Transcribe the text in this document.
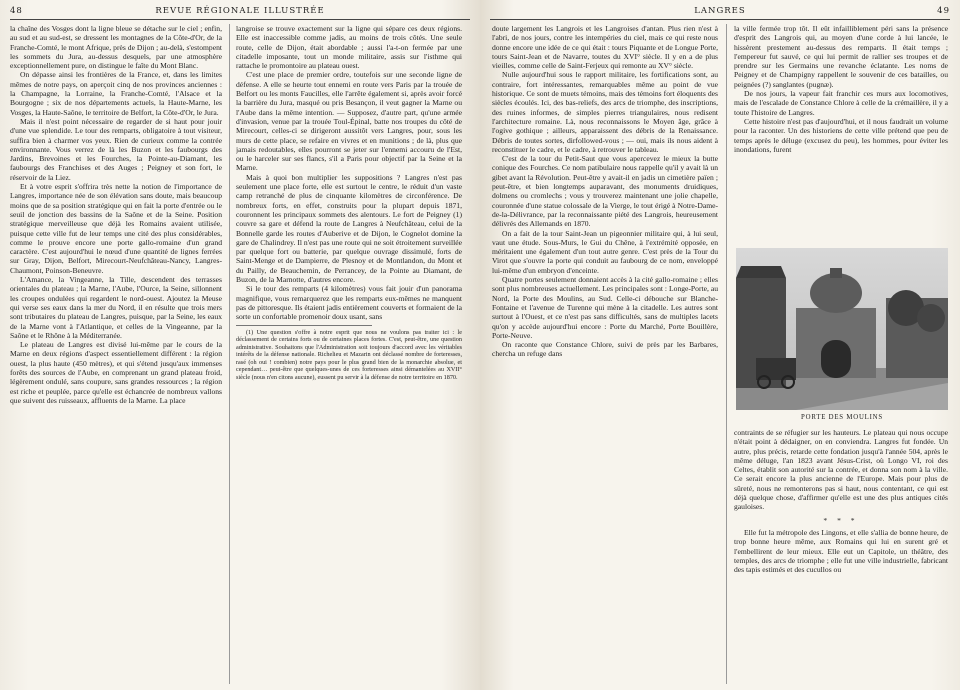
48	REVUE RÉGIONALE ILLUSTRÉE

la chaîne des Vosges dont la ligne bleue se détache sur le ciel ; enfin, au sud et au sud-est, se dressent les montagnes de la Côte-d'Or, de la Franche-Comté, le mont Afrique, près de Dijon ; au-delà, s'estompent les sommets du Jura, au-dessus desquels, par une atmosphère exceptionnellement pure, on distingue le faîte du Mont Blanc.

On dépasse ainsi les frontières de la France, et, dans les limites mêmes de notre pays, on aperçoit cinq de nos provinces anciennes : la Champagne, la Lorraine, la Franche-Comté, l'Alsace et la Bourgogne ; six de nos départements actuels, la Haute-Marne, les Vosges, la Haute-Saône, le territoire de Belfort, la Côte-d'Or, le Jura.

Mais il n'est point nécessaire de regarder de si haut pour jouir d'une vue splendide. Le tour des remparts, obligatoire à tout visiteur, suffira bien à charmer vos yeux. Rien de curieux comme la contrée environnante. Vous verrez de là les Buzon et les faubourgs des Jardins, Brevoines et les Fourches, la Pointe-au-Diamant, les faubourgs des Franchises et des Auges ; Peigney et son fort, le réservoir de la Liez.

Et à votre esprit s'offrira très nette la notion de l'importance de Langres, importance née de son élévation sans doute, mais beaucoup moins que de sa position stratégique qui en fait la porte d'entrée ou le seuil de jonction des bassins de la Saône et de la Seine. Position stratégique merveilleuse que déjà les Romains avaient utilisée, puisque cette ville fut de leur temps une cité des plus considérables, comme le prouve encore une porte gallo-romaine d'un grand caractère. C'est aujourd'hui le nœud d'une quantité de lignes ferrées sur Gray, Dijon, Belfort, Mirecourt-Neufchâteau-Nancy, Langres-Chaumont, Poinson-Beneuvre.

L'Amance, la Vingeanne, la Tille, descendent des terrasses orientales du plateau ; la Marne, l'Aube, l'Ource, la Seine, sillonnent les croupes ondulées qui regardent le nord-ouest. Ajoutez la Meuse qui verse ses eaux dans la mer du Nord, il en résulte que trois mers sont tributaires du plateau de Langres, puisque, par la Seine, les eaux de la Marne vont à l'Atlantique, et celles de la Vingeanne, par la Saône et le Rhône à la Méditerranée.

Le plateau de Langres est divisé lui-même par le cours de la Marne en deux régions d'aspect essentiellement différent : la région ouest, la plus haute (450 mètres), et qui s'étend jusqu'aux immenses forêts des sources de l'Aube, en comprenant un grand plateau froid, légèrement ondulé, sans coupure, sans grandes ressources ; la région est riche et peuplée, parce qu'elle est échancrée de nombreux vallons que suivent des ruisseaux, affluents de la Marne. La place

langroise se trouve exactement sur la ligne qui sépare ces deux régions. Elle est inaccessible comme jadis, au moins de trois côtés. Une seule route, celle de Dijon, était abordable ; aussi l'a-t-on fermée par une citadelle imposante, tout un monde militaire, assis sur l'isthme qui rattache le promontoire au plateau ouest.

C'est une place de premier ordre, toutefois sur une seconde ligne de défense. A elle se heurte tout ennemi en route vers Paris par la trouée de Belfort ou les monts Faucilles, elle l'arrête également si, après avoir forcé la barrière du Jura, masqué ou pris Besançon, il veut gagner la Marne ou l'Aube dans la même intention. — Supposez, d'autre part, qu'une armée d'invasion, venue par la trouée Toul-Épinal, batte nos troupes du côté de Mirecourt, celles-ci se dirigeront aussitôt vers Langres, pour, sous les murs de cette place, se refaire en vivres et en munitions ; de là, plus que jamais redoutables, elles pourront se jeter sur l'ennemi accouru de l'Est, ou le harceler sur ses flancs, s'il a Paris pour objectif par la Seine et la Marne.

Mais à quoi bon multiplier les suppositions ? Langres n'est pas seulement une place forte, elle est surtout le centre, le réduit d'un vaste camp retranché de plus de cinquante kilomètres de circonférence. De nombreux forts, en effet, construits pour la plupart depuis 1871, couronnent les principaux sommets des alentours. Le fort de Peigney (1) couvre sa gare et défend la route de Langres à Neufchâteau, celui de la Bonnelle garde les routes d'Auberive et de Dijon, le Cognelot domine la gare de Chalindrey. Il n'est pas une route qui ne soit étroitement surveillée par quelque fort ou batterie, par quelque ouvrage dissimulé, forts de Saint-Menge et de Dampierre, de Plesnoy et de Montlandon, du Mont et du Pailly, de Beauchemin, de Perrancey, de la Pointe au Diamant, de Buzon, de la Marnotte, d'autres encore.

Si le tour des remparts (4 kilomètres) vous fait jouir d'un panorama magnifique, vous remarquerez que les remparts eux-mêmes ne manquent pas de pittoresque. Ils étaient jadis entièrement couverts et formaient de la sorte un confortable promenoir doux usant, sans

(1) Une question s'offre à notre esprit que nous ne voulons pas traiter ici : le déclassement de certains forts ou de certaines places fortes. C'est, peut-être, une question administrative. Souhaitons que l'Administration soit toujours d'accord avec les véritables intérêts de la défense nationale. Richelieu et Mazarin ont déclassé nombre de forteresses, rasé (oh oui ! combien) notre pays pour le plus grand bien de la monarchie absolue, et cependant… peut-être que quelques-unes de ces forteresses ainsi démantelées au XVII° siècle (nous n'en citons aucune), eussent pu servir à la défense de notre territoire en 1870.

LANGRES	49

doute largement les Langrois et les Langroises d'antan. Plus rien n'est à l'abri, de nos jours, contre les intempéries du ciel, mais ce qui reste nous donne encore une idée de ce qui était : tours Piquante et de Longue Porte, tours Saint-Jean et de Navarre, toutes du XVI° siècle. Il y en a de plus vieilles, comme celle de Saint-Ferjeux qui remonte au XV° siècle.

Nulle aujourd'hui sous le rapport militaire, les fortifications sont, au contraire, fort intéressantes, remarquables même au point de vue historique. Ce sont de muets témoins, mais des témoins fort éloquents des siècles écoulés. Ici, des bas-reliefs, des arcs de triomphe, des inscriptions, des ruines informes, de simples pierres triangulaires, nous redisent l'architecture romaine. Là, nous reconnaissons le Moyen âge, grâce à l'ogive gothique ; ailleurs, apparaissent des débris de la Renaissance. Débris de toutes sortes, dirfollowed-vous ; — oui, mais ils nous aident à reconstituer le cadre, et le cadre, à retrouver le tableau.

C'est de la tour du Petit-Saut que vous apercevez le mieux la butte conique des Fourches. Ce nom patibulaire nous rappelle qu'il y avait là un gibet avant la Révolution. Peut-être y avait-il en jadis un cimetière païen ; peut-être, et bien longtemps auparavant, des monuments druidiques, dolmens ou cromlechs ; vous y trouverez maintenant une jolie chapelle, couronnée d'une statue colossale de la Vierge, le tout érigé à Notre-Dame-de-la-Délivrance, par la reconnaissante piété des Langrois, heureusement délivrés des Allemands en 1870.

On a fait de la tour Saint-Jean un pigeonnier militaire qui, à lui seul, vaut une étude. Sous-Murs, le Gui du Chêne, à l'extrémité opposée, en méritaient une également d'un tout autre genre. C'est près de la Tour du Virot que s'ouvre la porte qui conduit au faubourg de ce nom, enveloppé lui-même d'un embryon d'enceinte.

Quatre portes seulement donnaient accès à la cité gallo-romaine ; elles sont plus nombreuses actuellement. Les principales sont : Longe-Porte, au Nord, la Porte des Moulins, au Sud. Celle-ci débouche sur Blanche-Fontaine et l'avenue de Turenne qui mène à la citadelle. Les autres sont surtout à l'Ouest, et ce n'est pas sans difficultés, sans de multiples lacets qu'on y accède aujourd'hui encore : Porte du Marché, Porte Bouillère, Porte-Neuve.

On raconte que Constance Chlore, suivi de près par les Barbares, chercha un refuge dans

la ville fermée trop tôt. Il eût infailliblement péri sans la présence d'esprit des Langrois qui, au moyen d'une corde à lui lancée, le hissèrent prestement au-dessus des remparts. Il était temps ; l'empereur fut sauvé, ce qui lui permit de rallier ses troupes et de prendre sur les Germains une revanche éclatante. Les noms de Peigney et de Champigny rappellent le souvenir de ces batailles, ou peignées (?) sanglantes (pugnæ).

De nos jours, la vapeur fait franchir ces murs aux locomotives, mais de l'escalade de Constance Chlore à celle de la crémaillère, il y a toute l'histoire de Langres.

Cette histoire n'est pas d'aujourd'hui, et il nous faudrait un volume pour la raconter. Un des historiens de cette ville prétend que peu de temps après le déluge (excusez du peu), les hommes, pour éviter les inondations, furent

PORTE DES MOULINS

contraints de se réfugier sur les hauteurs. Le plateau qui nous occupe n'était point à dédaigner, on en conviendra. Langres fut fondée. Un autre, plus précis, retarde cette fondation jusqu'à l'année 504, après le même déluge, l'an 1823 avant Jésus-Crist, où Longo VI, roi des Celtes, établit son autorité sur la contrée, et donna son nom à la ville. Ce serait encore la plus ancienne de l'Europe. Mais pour plus de sûreté, nous ne remonterons pas si haut, nous contentant, ce qui est déjà quelque chose, d'affirmer qu'elle est une des plus antiques cités gauloises.

* * *

Elle fut la métropole des Lingons, et elle s'allia de bonne heure, de trop bonne heure même, aux Romains qui lui en surent gré et l'embellirent de leur mieux. Elle eut un Capitole, un théâtre, des temples, des arcs de triomphe ; elle fut une ville industrielle, fabricant des tapis estimés et des cucullos ou
